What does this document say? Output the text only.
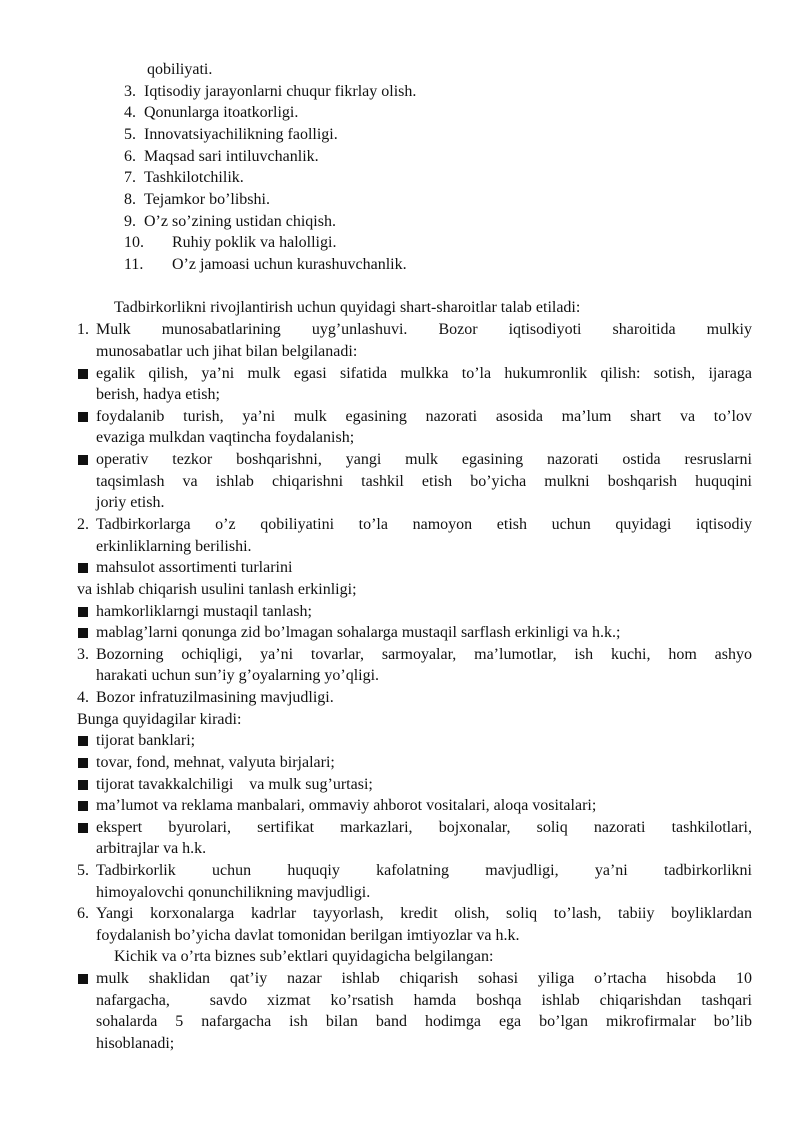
qobiliyati.
3. Iqtisodiy jarayonlarni chuqur fikrlay olish.
4. Qonunlarga itoatkorligi.
5. Innovatsiyachilikning faolligi.
6. Maqsad sari intiluvchanlik.
7. Tashkilotchilik.
8. Tejamkor bo’libshi.
9. O’z so’zining ustidan chiqish.
10. Ruhiy poklik va halolligi.
11. O’z jamoasi uchun kurashuvchanlik.
Tadbirkorlikni rivojlantirish uchun quyidagi shart-sharoitlar talab etiladi:
1. Mulk munosabatlarining uyg’unlashuvi. Bozor iqtisodiyoti sharoitida mulkiy
munosabatlar uch jihat bilan belgilanadi:
egalik qilish, ya’ni mulk egasi sifatida mulkka to’la hukumronlik qilish: sotish, ijaraga
berish, hadya etish;
foydalanib turish, ya’ni mulk egasining nazorati asosida ma’lum shart va to’lov
evaziga mulkdan vaqtincha foydalanish;
operativ tezkor boshqarishni, yangi mulk egasining nazorati ostida resruslarni
taqsimlash va ishlab chiqarishni tashkil etish bo’yicha mulkni boshqarish huquqini
joriy etish.
2. Tadbirkorlarga o’z qobiliyatini to’la namoyon etish uchun quyidagi iqtisodiy
erkinliklarning berilishi.
mahsulot assortimenti turlarini
va ishlab chiqarish usulini tanlash erkinligi;
hamkorliklarngi mustaqil tanlash;
mablag’larni qonunga zid bo’lmagan sohalarga mustaqil sarflash erkinligi va h.k.;
3. Bozorning ochiqligi, ya’ni tovarlar, sarmoyalar, ma’lumotlar, ish kuchi, hom ashyo
harakati uchun sun’iy g’oyalarning yo’qligi.
4. Bozor infratuzilmasining mavjudligi.
Bunga quyidagilar kiradi:
tijorat banklari;
tovar, fond, mehnat, valyuta birjalari;
tijorat tavakkalchiligi    va mulk sug’urtasi;
ma’lumot va reklama manbalari, ommaviy ahborot vositalari, aloqa vositalari;
ekspert byurolari, sertifikat markazlari, bojxonalar, soliq nazorati tashkilotlari,
arbitrajlar va h.k.
5. Tadbirkorlik uchun huquqiy kafolatning mavjudligi, ya’ni tadbirkorlikni
himoyalovchi qonunchilikning mavjudligi.
6. Yangi korxonalarga kadrlar tayyorlash, kredit olish, soliq to’lash, tabiiy boyliklardan
foydalanish bo’yicha davlat tomonidan berilgan imtiyozlar va h.k.
Kichik va o’rta biznes sub’ektlari quyidagicha belgilangan:
mulk shaklidan qat’iy nazar ishlab chiqarish sohasi yiliga o’rtacha hisobda 10
nafargacha,  savdo xizmat ko’rsatish hamda boshqa ishlab chiqarishdan tashqari
sohalarda 5 nafargacha ish bilan band hodimga ega bo’lgan mikrofirmalar bo’lib
hisoblanadi;
